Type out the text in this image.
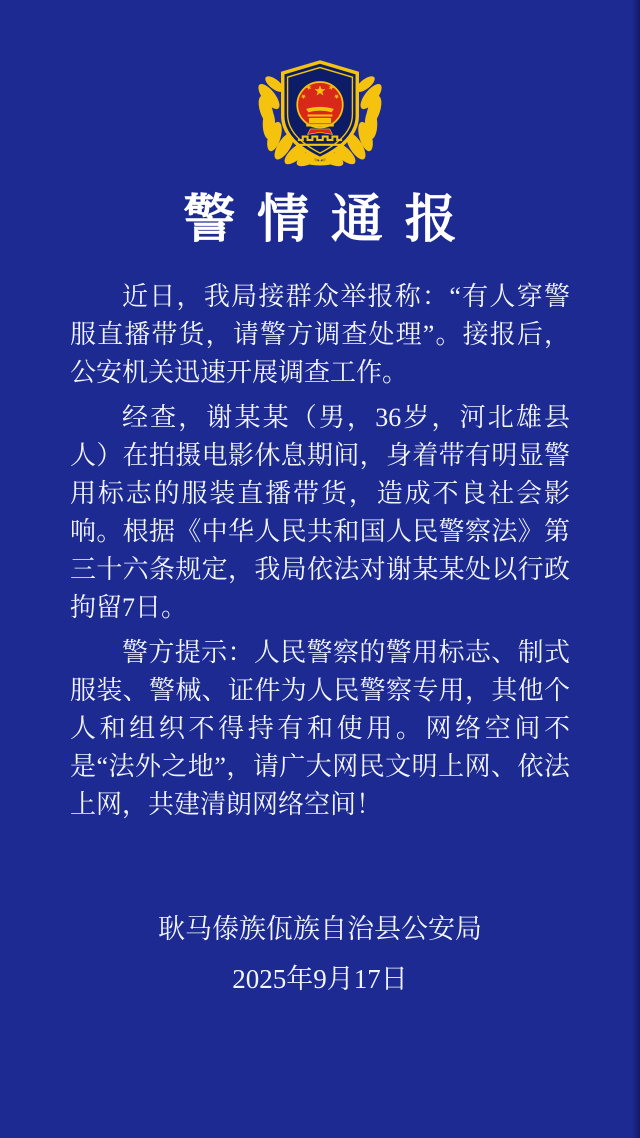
警情通报

近日，我局接群众举报称：“有人穿警服直播带货，请警方调查处理”。接报后，公安机关迅速开展调查工作。

经查，谢某某（男，36岁，河北雄县人）在拍摄电影休息期间，身着带有明显警用标志的服装直播带货，造成不良社会影响。根据《中华人民共和国人民警察法》第三十六条规定，我局依法对谢某某处以行政拘留7日。

警方提示：人民警察的警用标志、制式服装、警械、证件为人民警察专用，其他个人和组织不得持有和使用。网络空间不是“法外之地”，请广大网民文明上网、依法上网，共建清朗网络空间！

耿马傣族佤族自治县公安局
2025年9月17日
